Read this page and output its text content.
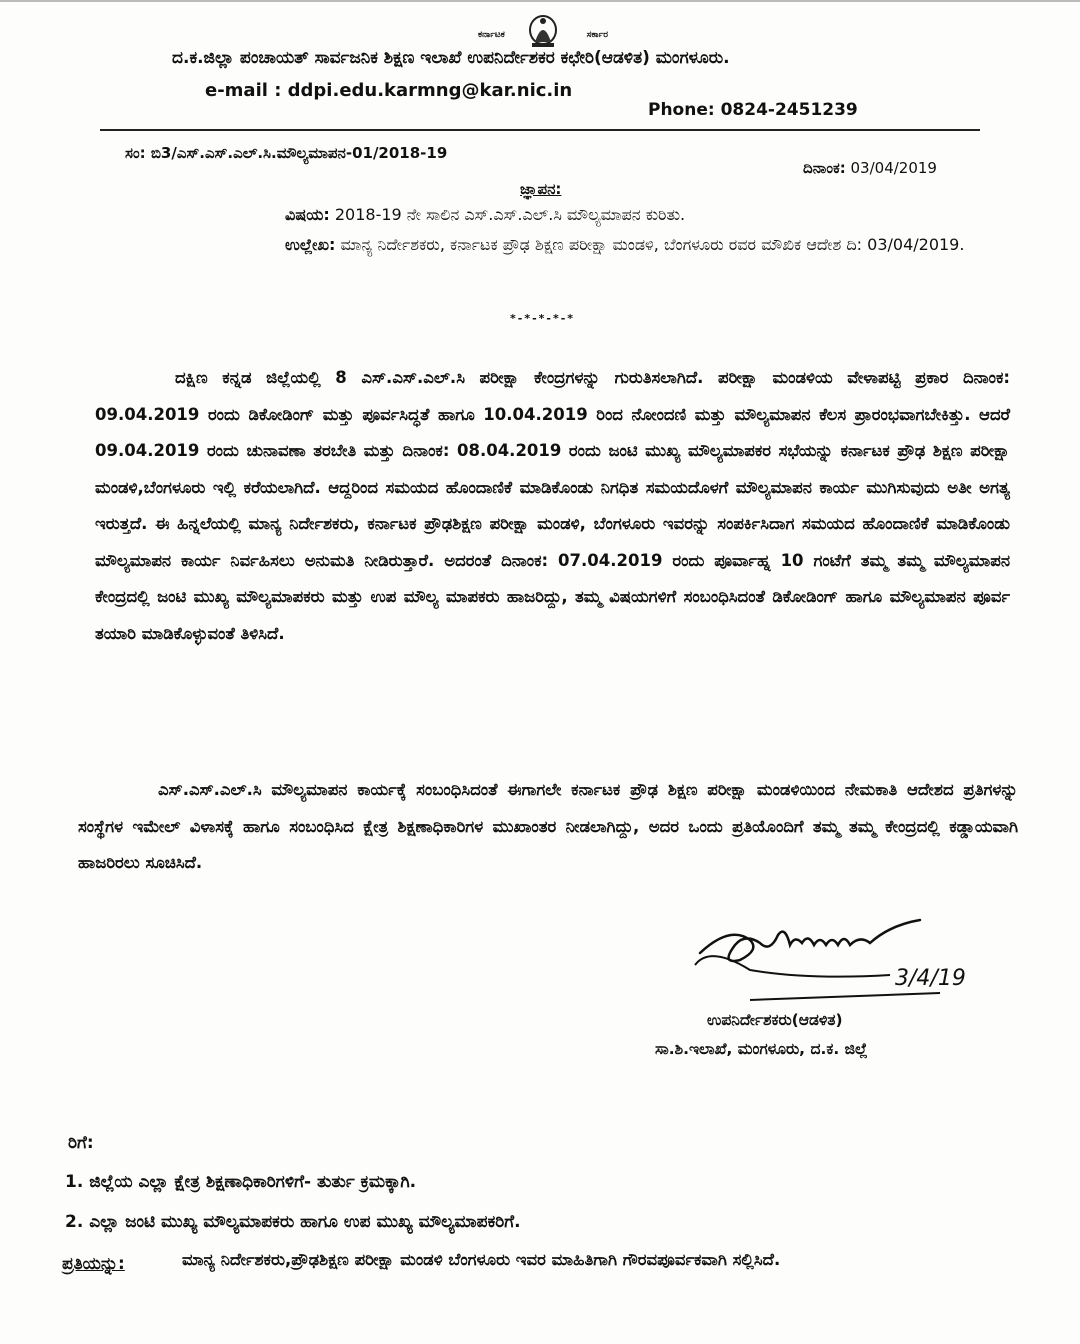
ಕರ್ನಾಟಕ	ಸರ್ಕಾರ
ದ.ಕ.ಜಿಲ್ಲಾ ಪಂಚಾಯತ್ ಸಾರ್ವಜನಿಕ ಶಿಕ್ಷಣ ಇಲಾಖೆ ಉಪನಿರ್ದೇಶಕರ ಕಛೇರಿ(ಆಡಳಿತ) ಮಂಗಳೂರು.
e-mail : ddpi.edu.karmng@kar.nic.in
Phone: 0824-2451239
ಸಂ: ಬಿ3/ಎಸ್.ಎಸ್.ಎಲ್.ಸಿ.ಮೌಲ್ಯಮಾಪನ-01/2018-19
ದಿನಾಂಕ: 03/04/2019
ಜ್ಞಾಪನ:
ವಿಷಯ: 2018-19 ನೇ ಸಾಲಿನ ಎಸ್.ಎಸ್.ಎಲ್.ಸಿ ಮೌಲ್ಯಮಾಪನ ಕುರಿತು.
ಉಲ್ಲೇಖ: ಮಾನ್ಯ ನಿರ್ದೇಶಕರು, ಕರ್ನಾಟಕ ಪ್ರೌಢ ಶಿಕ್ಷಣ ಪರೀಕ್ಷಾ ಮಂಡಳಿ, ಬೆಂಗಳೂರು ರವರ ಮೌಖಿಕ ಆದೇಶ ದಿ: 03/04/2019.
*-*-*-*-*
ದಕ್ಷಿಣ ಕನ್ನಡ ಜಿಲ್ಲೆಯಲ್ಲಿ 8 ಎಸ್.ಎಸ್.ಎಲ್.ಸಿ ಪರೀಕ್ಷಾ ಕೇಂದ್ರಗಳನ್ನು ಗುರುತಿಸಲಾಗಿದೆ. ಪರೀಕ್ಷಾ ಮಂಡಳಿಯ ವೇಳಾಪಟ್ಟಿ ಪ್ರಕಾರ ದಿನಾಂಕ: 09.04.2019 ರಂದು ಡಿಕೋಡಿಂಗ್ ಮತ್ತು ಪೂರ್ವಸಿದ್ಧತೆ ಹಾಗೂ 10.04.2019 ರಿಂದ ನೋಂದಣಿ ಮತ್ತು ಮೌಲ್ಯಮಾಪನ ಕೆಲಸ ಪ್ರಾರಂಭವಾಗಬೇಕಿತ್ತು. ಆದರೆ 09.04.2019 ರಂದು ಚುನಾವಣಾ ತರಬೇತಿ ಮತ್ತು ದಿನಾಂಕ: 08.04.2019 ರಂದು ಜಂಟಿ ಮುಖ್ಯ ಮೌಲ್ಯಮಾಪಕರ ಸಭೆಯನ್ನು ಕರ್ನಾಟಕ ಪ್ರೌಢ ಶಿಕ್ಷಣ ಪರೀಕ್ಷಾ ಮಂಡಳಿ,ಬೆಂಗಳೂರು ಇಲ್ಲಿ ಕರೆಯಲಾಗಿದೆ. ಆದ್ದರಿಂದ ಸಮಯದ ಹೊಂದಾಣಿಕೆ ಮಾಡಿಕೊಂಡು ನಿಗಧಿತ ಸಮಯದೊಳಗೆ ಮೌಲ್ಯಮಾಪನ ಕಾರ್ಯ ಮುಗಿಸುವುದು ಅತೀ ಅಗತ್ಯ ಇರುತ್ತದೆ. ಈ ಹಿನ್ನಲೆಯಲ್ಲಿ ಮಾನ್ಯ ನಿರ್ದೇಶಕರು, ಕರ್ನಾಟಕ ಪ್ರೌಢಶಿಕ್ಷಣ ಪರೀಕ್ಷಾ ಮಂಡಳಿ, ಬೆಂಗಳೂರು ಇವರನ್ನು ಸಂಪರ್ಕಿಸಿದಾಗ ಸಮಯದ ಹೊಂದಾಣಿಕೆ ಮಾಡಿಕೊಂಡು ಮೌಲ್ಯಮಾಪನ ಕಾರ್ಯ ನಿರ್ವಹಿಸಲು ಅನುಮತಿ ನೀಡಿರುತ್ತಾರೆ. ಅದರಂತೆ ದಿನಾಂಕ: 07.04.2019 ರಂದು ಪೂರ್ವಾಹ್ನ 10 ಗಂಟೆಗೆ ತಮ್ಮ ತಮ್ಮ ಮೌಲ್ಯಮಾಪನ ಕೇಂದ್ರದಲ್ಲಿ ಜಂಟಿ ಮುಖ್ಯ ಮೌಲ್ಯಮಾಪಕರು ಮತ್ತು ಉಪ ಮೌಲ್ಯ ಮಾಪಕರು ಹಾಜರಿದ್ದು, ತಮ್ಮ ವಿಷಯಗಳಿಗೆ ಸಂಬಂಧಿಸಿದಂತೆ ಡಿಕೋಡಿಂಗ್ ಹಾಗೂ ಮೌಲ್ಯಮಾಪನ ಪೂರ್ವ ತಯಾರಿ ಮಾಡಿಕೊಳ್ಳುವಂತೆ ತಿಳಿಸಿದೆ.
ಎಸ್.ಎಸ್.ಎಲ್.ಸಿ ಮೌಲ್ಯಮಾಪನ ಕಾರ್ಯಕ್ಕೆ ಸಂಬಂಧಿಸಿದಂತೆ ಈಗಾಗಲೇ ಕರ್ನಾಟಕ ಪ್ರೌಢ ಶಿಕ್ಷಣ ಪರೀಕ್ಷಾ ಮಂಡಳಿಯಿಂದ ನೇಮಕಾತಿ ಆದೇಶದ ಪ್ರತಿಗಳನ್ನು ಸಂಸ್ಥೆಗಳ ಇಮೇಲ್ ವಿಳಾಸಕ್ಕೆ ಹಾಗೂ ಸಂಬಂಧಿಸಿದ ಕ್ಷೇತ್ರ ಶಿಕ್ಷಣಾಧಿಕಾರಿಗಳ ಮುಖಾಂತರ ನೀಡಲಾಗಿದ್ದು, ಅದರ ಒಂದು ಪ್ರತಿಯೊಂದಿಗೆ ತಮ್ಮ ತಮ್ಮ ಕೇಂದ್ರದಲ್ಲಿ ಕಡ್ಡಾಯವಾಗಿ ಹಾಜರಿರಲು ಸೂಚಿಸಿದೆ.
3/4/19
ಉಪನಿರ್ದೇಶಕರು(ಆಡಳಿತ)
ಸಾ.ಶಿ.ಇಲಾಖೆ, ಮಂಗಳೂರು, ದ.ಕ. ಜಿಲ್ಲೆ
ರಿಗೆ:
1. ಜಿಲ್ಲೆಯ ಎಲ್ಲಾ ಕ್ಷೇತ್ರ ಶಿಕ್ಷಣಾಧಿಕಾರಿಗಳಿಗೆ- ತುರ್ತು ಕ್ರಮಕ್ಕಾಗಿ.
2. ಎಲ್ಲಾ ಜಂಟಿ ಮುಖ್ಯ ಮೌಲ್ಯಮಾಪಕರು ಹಾಗೂ ಉಪ ಮುಖ್ಯ ಮೌಲ್ಯಮಾಪಕರಿಗೆ.
ಪ್ರತಿಯನ್ನು:	ಮಾನ್ಯ ನಿರ್ದೇಶಕರು,ಪ್ರೌಢಶಿಕ್ಷಣ ಪರೀಕ್ಷಾ ಮಂಡಳಿ ಬೆಂಗಳೂರು ಇವರ ಮಾಹಿತಿಗಾಗಿ ಗೌರವಪೂರ್ವಕವಾಗಿ ಸಲ್ಲಿಸಿದೆ.
